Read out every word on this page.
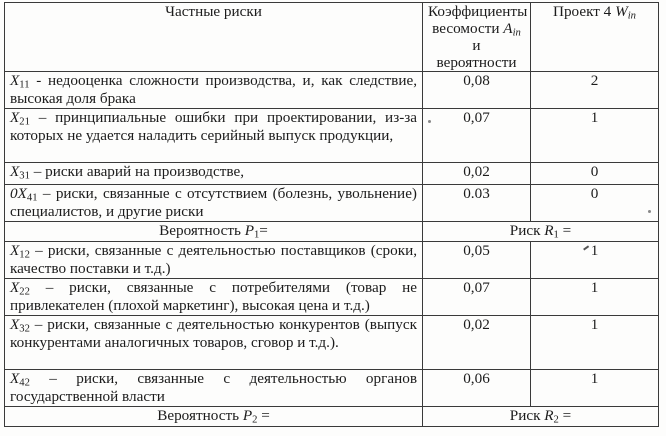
Частные риски	Коэффициенты
весомости $A_{in}$ и
вероятности	Проект 4 $W_{in}$
$X_{11}$ - недооценка сложности производства, и, как следствие, высокая доля брака	0,08	2
$X_{21}$ – принципиальные ошибки при проектировании, из-за которых не удается наладить серийный выпуск продукции,	0,07	1
$X_{31}$ – риски аварий на производстве,	0,02	0
$0X_{41}$ – риски, связанные с отсутствием (болезнь, увольнение) специалистов, и другие риски	0.03	0
Вероятность $P_1=$	Риск $R_1$ =	
$X_{12}$ – риски, связанные с деятельностью поставщиков (сроки, качество поставки и т.д.)	0,05	1
$X_{22}$ – риски, связанные с потребителями (товар не привлекателен (плохой маркетинг), высокая цена и т.д.)	0,07	1
$X_{32}$ – риски, связанные с деятельностью конкурентов (выпуск конкурентами аналогичных товаров, сговор и т.д.).	0,02	1
$X_{42}$ – риски, связанные с деятельностью органов государственной власти	0,06	1
Вероятность $P_2$ =	Риск $R_2$ =	
